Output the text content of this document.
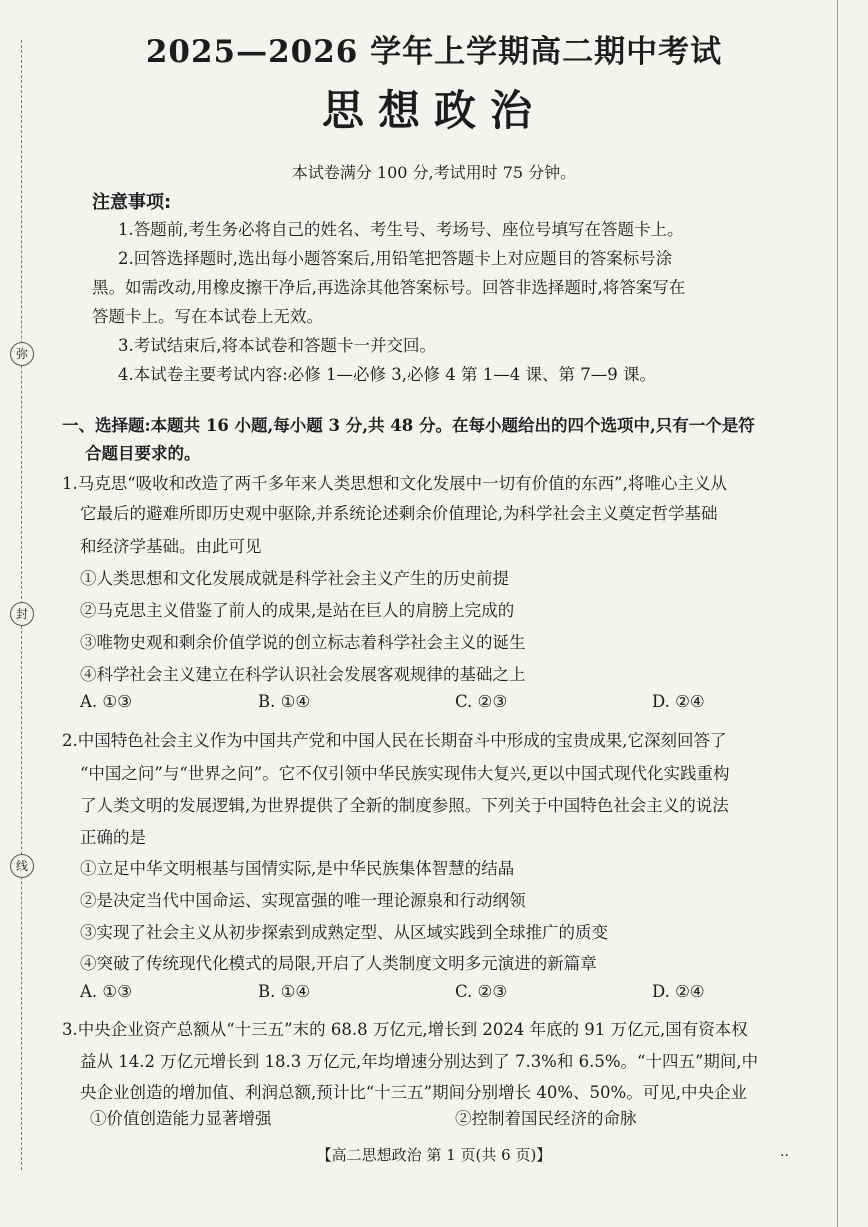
弥
封
线
2025—2026 学年上学期高二期中考试
思想政治
本试卷满分 100 分,考试用时 75 分钟。
注意事项:
1.答题前,考生务必将自己的姓名、考生号、考场号、座位号填写在答题卡上。
2.回答选择题时,选出每小题答案后,用铅笔把答题卡上对应题目的答案标号涂
黑。如需改动,用橡皮擦干净后,再选涂其他答案标号。回答非选择题时,将答案写在
答题卡上。写在本试卷上无效。
3.考试结束后,将本试卷和答题卡一并交回。
4.本试卷主要考试内容:必修 1—必修 3,必修 4 第 1—4 课、第 7—9 课。
一、选择题:本题共 16 小题,每小题 3 分,共 48 分。在每小题给出的四个选项中,只有一个是符
合题目要求的。
1.马克思“吸收和改造了两千多年来人类思想和文化发展中一切有价值的东西”,将唯心主义从
它最后的避难所即历史观中驱除,并系统论述剩余价值理论,为科学社会主义奠定哲学基础
和经济学基础。由此可见
①人类思想和文化发展成就是科学社会主义产生的历史前提
②马克思主义借鉴了前人的成果,是站在巨人的肩膀上完成的
③唯物史观和剩余价值学说的创立标志着科学社会主义的诞生
④科学社会主义建立在科学认识社会发展客观规律的基础之上
A. ①③	B. ①④	C. ②③	D. ②④
2.中国特色社会主义作为中国共产党和中国人民在长期奋斗中形成的宝贵成果,它深刻回答了
“中国之问”与“世界之问”。它不仅引领中华民族实现伟大复兴,更以中国式现代化实践重构
了人类文明的发展逻辑,为世界提供了全新的制度参照。下列关于中国特色社会主义的说法
正确的是
①立足中华文明根基与国情实际,是中华民族集体智慧的结晶
②是决定当代中国命运、实现富强的唯一理论源泉和行动纲领
③实现了社会主义从初步探索到成熟定型、从区域实践到全球推广的质变
④突破了传统现代化模式的局限,开启了人类制度文明多元演进的新篇章
A. ①③	B. ①④	C. ②③	D. ②④
3.中央企业资产总额从“十三五”末的 68.8 万亿元,增长到 2024 年底的 91 万亿元,国有资本权
益从 14.2 万亿元增长到 18.3 万亿元,年均增速分别达到了 7.3%和 6.5%。“十四五”期间,中
央企业创造的增加值、利润总额,预计比“十三五”期间分别增长 40%、50%。可见,中央企业
①价值创造能力显著增强	②控制着国民经济的命脉
【高二思想政治 第 1 页(共 6 页)】	··
